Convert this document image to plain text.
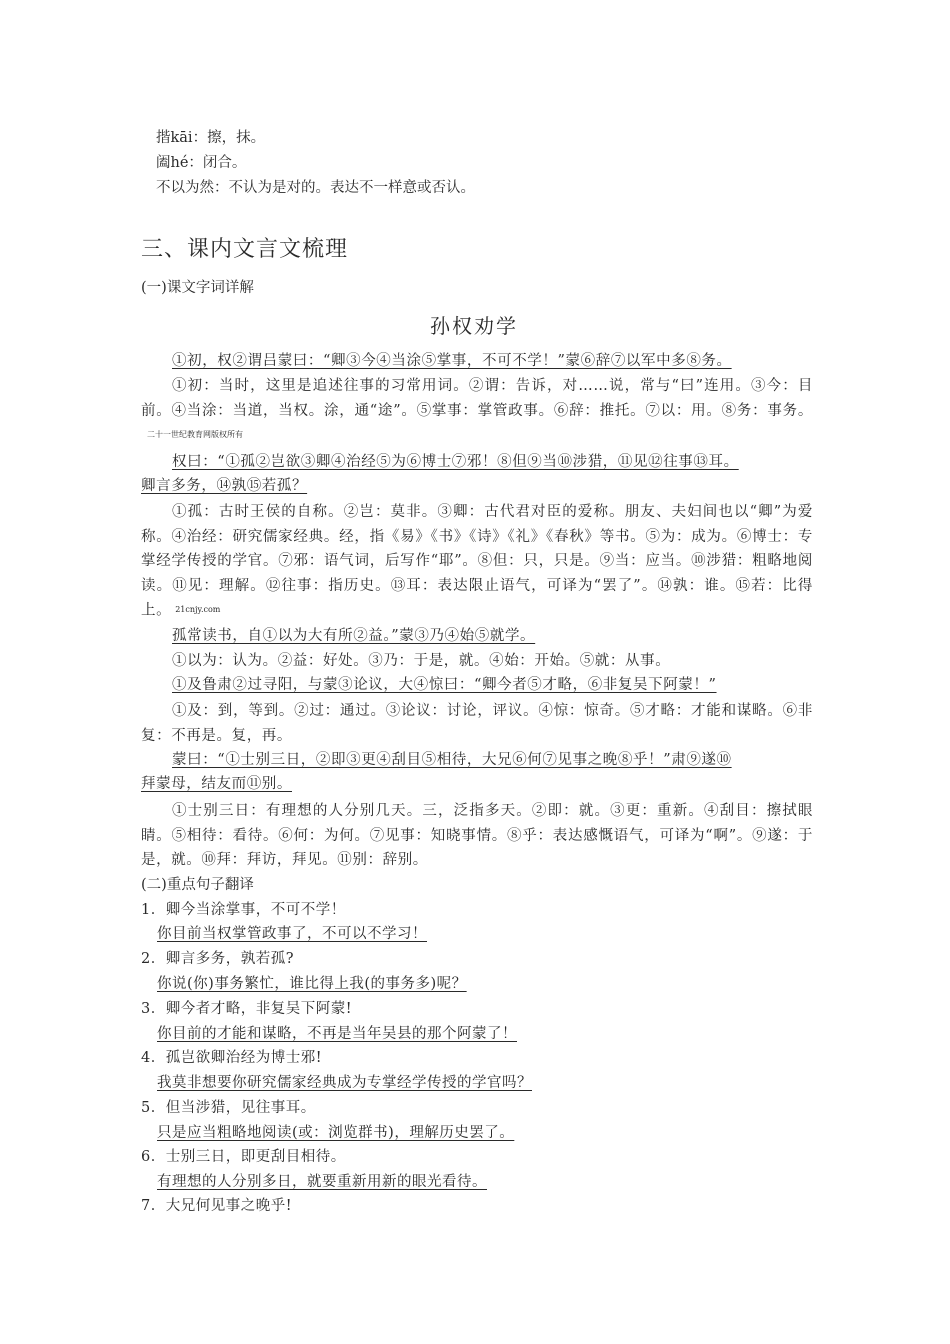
揩kāi：擦，抹。
阖hé：闭合。
不以为然：不认为是对的。表达不一样意或否认。
三、课内文言文梳理
(一)课文字词详解
孙权劝学
①初，权②谓吕蒙曰：“卿③今④当涂⑤掌事，不可不学！”蒙⑥辞⑦以军中多⑧务。
①初：当时，这里是追述往事的习常用词。②谓：告诉，对……说，常与“曰”连用。③今：目前。④当涂：当道，当权。涂，通“途”。⑤掌事：掌管政事。⑥辞：推托。⑦以：用。⑧务：事务。二十一世纪教育网版权所有
权曰：“①孤②岂欲③卿④治经⑤为⑥博士⑦邪！⑧但⑨当⑩涉猎，⑪见⑫往事⑬耳。
卿言多务，⑭孰⑮若孤？
①孤：古时王侯的自称。②岂：莫非。③卿：古代君对臣的爱称。朋友、夫妇间也以“卿”为爱称。④治经：研究儒家经典。经，指《易》《书》《诗》《礼》《春秋》等书。⑤为：成为。⑥博士：专掌经学传授的学官。⑦邪：语气词，后写作“耶”。⑧但：只，只是。⑨当：应当。⑩涉猎：粗略地阅读。⑪见：理解。⑫往事：指历史。⑬耳：表达限止语气，可译为“罢了”。⑭孰：谁。⑮若：比得上。 21cnjy.com
孤常读书，自①以为大有所②益。”蒙③乃④始⑤就学。
①以为：认为。②益：好处。③乃：于是，就。④始：开始。⑤就：从事。
①及鲁肃②过寻阳，与蒙③论议，大④惊曰：“卿今者⑤才略，⑥非复吴下阿蒙！”
①及：到，等到。②过：通过。③论议：讨论，评议。④惊：惊奇。⑤才略：才能和谋略。⑥非复：不再是。复，再。
蒙曰：“①士别三日，②即③更④刮目⑤相待，大兄⑥何⑦见事之晚⑧乎！”肃⑨遂⑩
拜蒙母，结友而⑪别。
①士别三日：有理想的人分别几天。三，泛指多天。②即：就。③更：重新。④刮目：擦拭眼睛。⑤相待：看待。⑥何：为何。⑦见事：知晓事情。⑧乎：表达感慨语气，可译为“啊”。⑨遂：于是，就。⑩拜：拜访，拜见。⑪别：辞别。
(二)重点句子翻译
1．卿今当涂掌事，不可不学！
你目前当权掌管政事了，不可以不学习！
2．卿言多务，孰若孤?
你说(你)事务繁忙，谁比得上我(的事务多)呢？
3．卿今者才略，非复吴下阿蒙!
你目前的才能和谋略，不再是当年吴县的那个阿蒙了！
4．孤岂欲卿治经为博士邪!
我莫非想要你研究儒家经典成为专掌经学传授的学官吗？
5．但当涉猎，见往事耳。
只是应当粗略地阅读(或：浏览群书)，理解历史罢了。
6．士别三日，即更刮目相待。
有理想的人分别多日，就要重新用新的眼光看待。
7．大兄何见事之晚乎!
